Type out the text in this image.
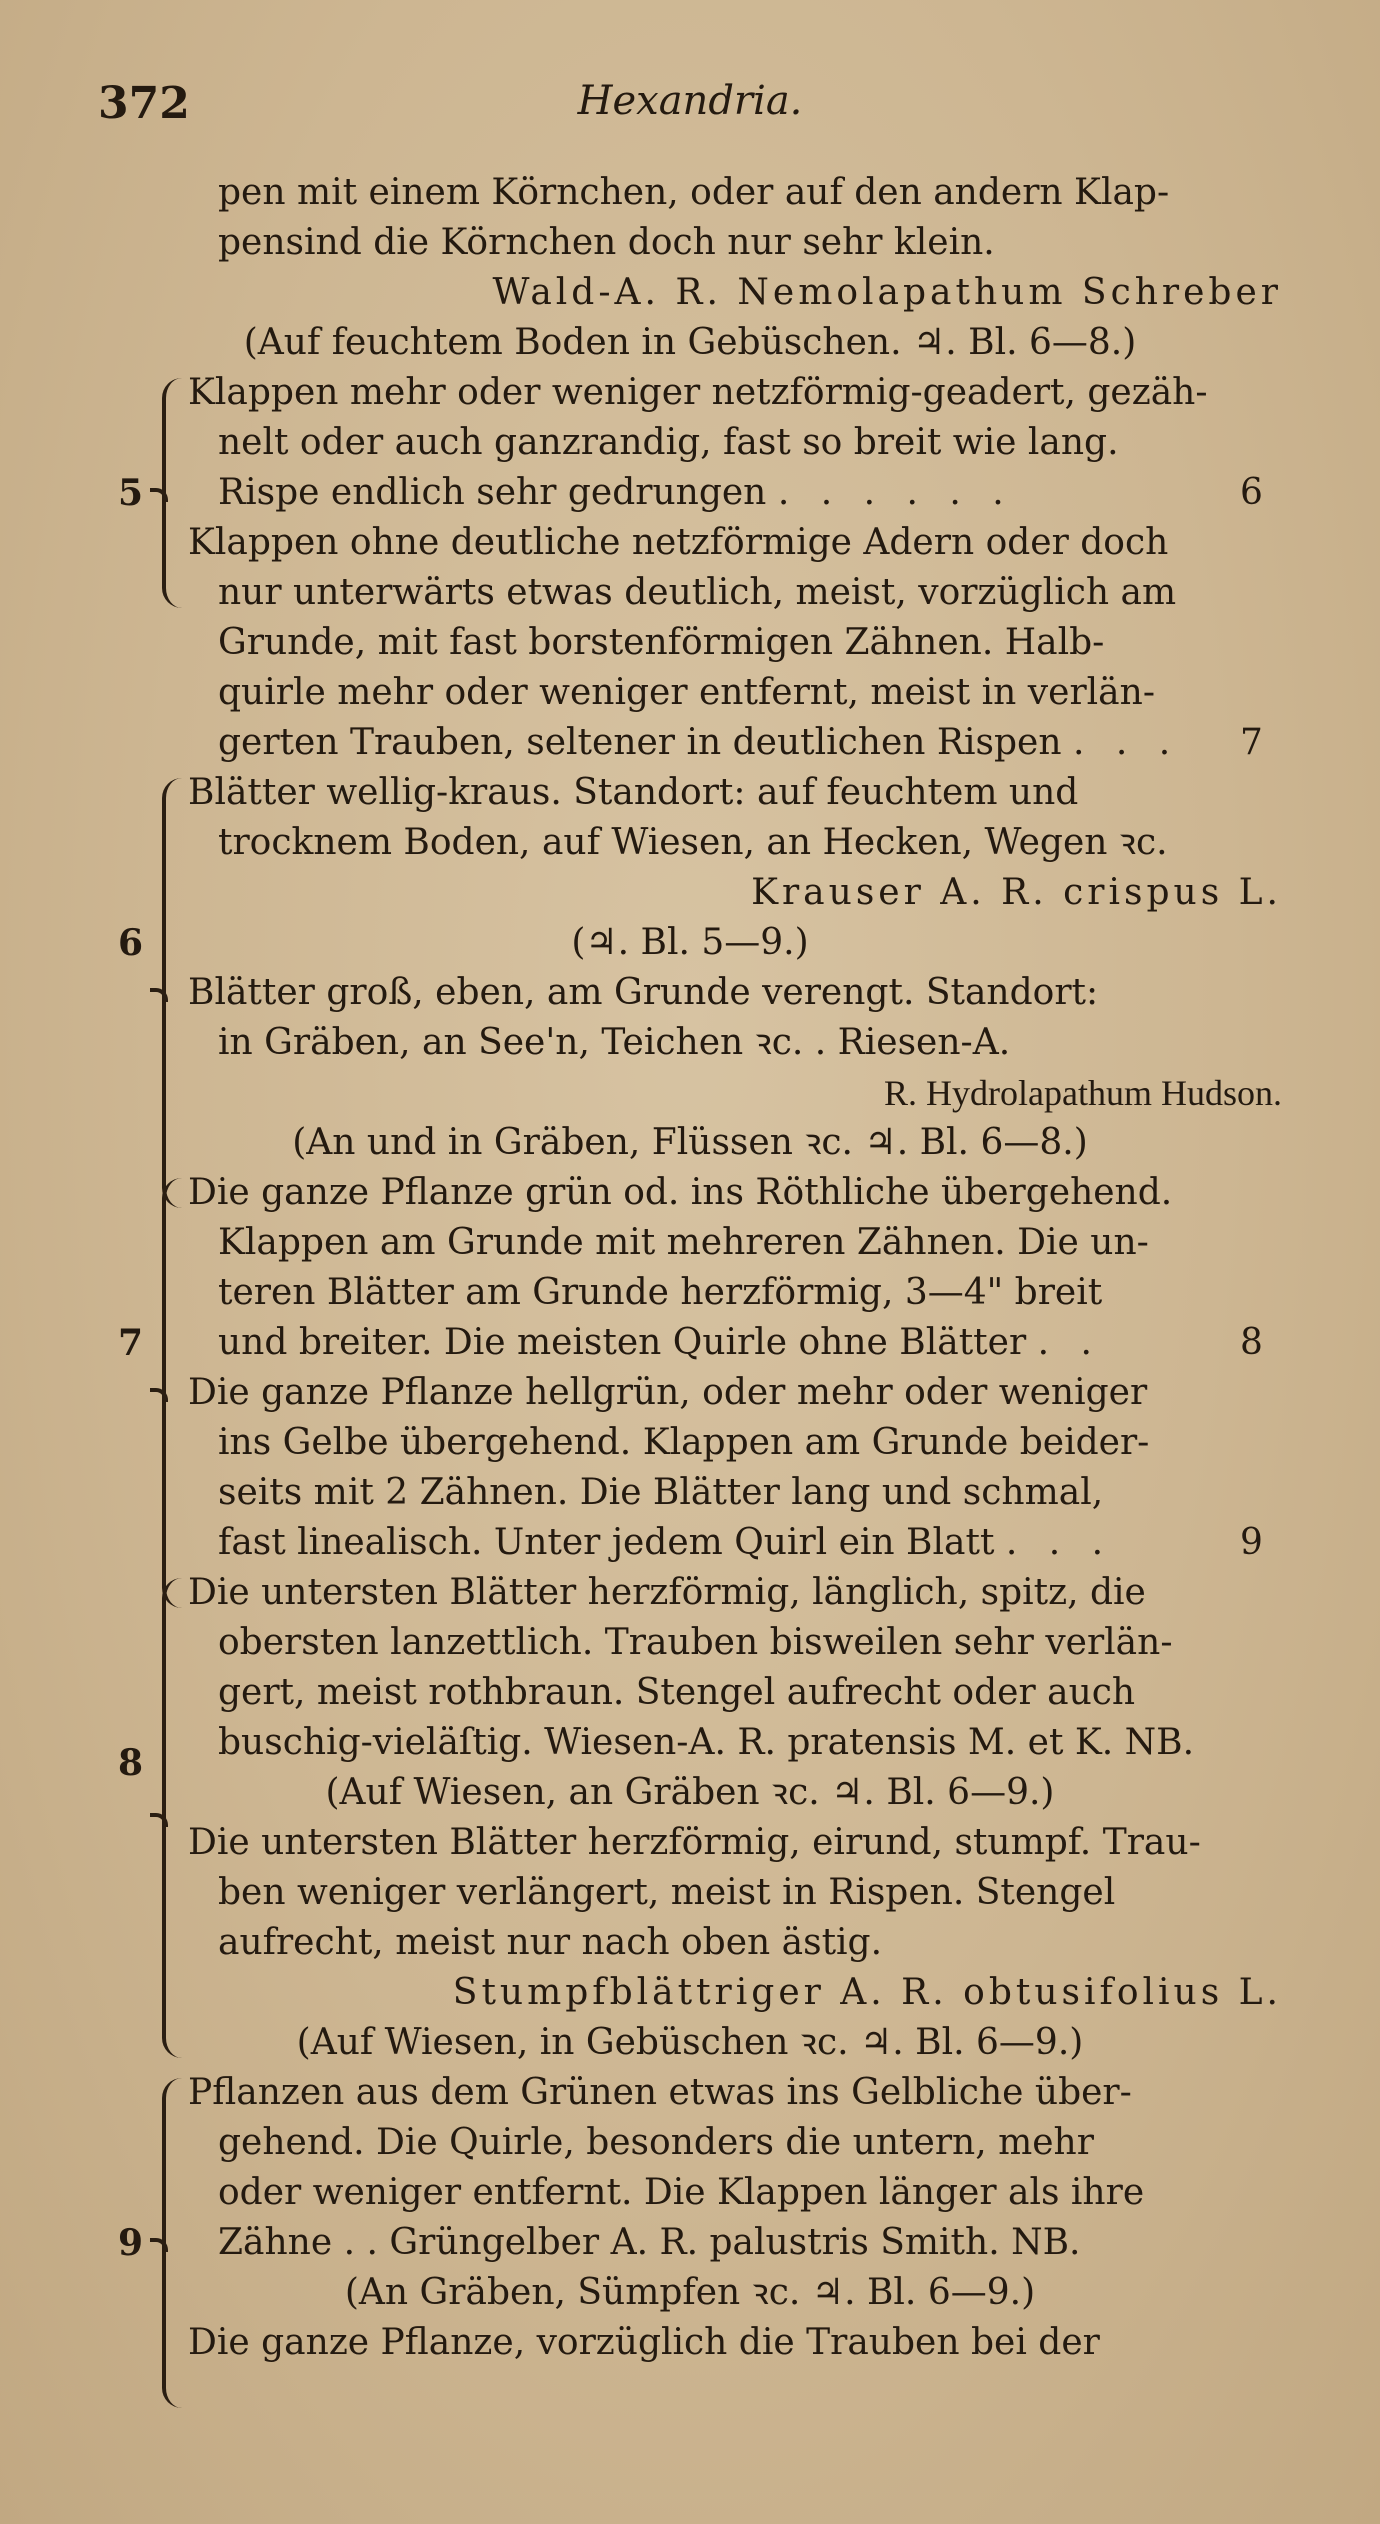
372	Hexandria.
pen mit einem Körnchen, oder auf den andern Klap-
pensind die Körnchen doch nur sehr klein.
Wald-A. R. Nemolapathum Schreber
(Auf feuchtem Boden in Gebüschen. ♃. Bl. 6—8.)
5
Klappen mehr oder weniger netzförmig-geadert, gezäh-
nelt oder auch ganzrandig, fast so breit wie lang.
Rispe endlich sehr gedrungen . . . . . .	6
Klappen ohne deutliche netzförmige Adern oder doch
nur unterwärts etwas deutlich, meist, vorzüglich am
Grunde, mit fast borstenförmigen Zähnen. Halb-
quirle mehr oder weniger entfernt, meist in verlän-
gerten Trauben, seltener in deutlichen Rispen . . .	7
6
Blätter wellig-kraus. Standort: auf feuchtem und
trocknem Boden, auf Wiesen, an Hecken, Wegen ꝛc.
Krauser A. R. crispus L.
(♃. Bl. 5—9.)
Blätter groß, eben, am Grunde verengt. Standort:
in Gräben, an See'n, Teichen ꝛc. . Riesen-A.
R. Hydrolapathum Hudson.
(An und in Gräben, Flüssen ꝛc. ♃. Bl. 6—8.)
7
Die ganze Pflanze grün od. ins Röthliche übergehend.
Klappen am Grunde mit mehreren Zähnen. Die un-
teren Blätter am Grunde herzförmig, 3—4" breit
und breiter. Die meisten Quirle ohne Blätter . .	8
Die ganze Pflanze hellgrün, oder mehr oder weniger
ins Gelbe übergehend. Klappen am Grunde beider-
seits mit 2 Zähnen. Die Blätter lang und schmal,
fast linealisch. Unter jedem Quirl ein Blatt . . .	9
8
Die untersten Blätter herzförmig, länglich, spitz, die
obersten lanzettlich. Trauben bisweilen sehr verlän-
gert, meist rothbraun. Stengel aufrecht oder auch
buschig-vieläſtig. Wiesen-A. R. pratensis M. et K. NB.
(Auf Wiesen, an Gräben ꝛc. ♃. Bl. 6—9.)
Die untersten Blätter herzförmig, eirund, stumpf. Trau-
ben weniger verlängert, meist in Rispen. Stengel
aufrecht, meist nur nach oben ästig.
Stumpfblättriger A. R. obtusifolius L.
(Auf Wiesen, in Gebüschen ꝛc. ♃. Bl. 6—9.)
9
Pflanzen aus dem Grünen etwas ins Gelbliche über-
gehend. Die Quirle, besonders die untern, mehr
oder weniger entfernt. Die Klappen länger als ihre
Zähne . . Grüngelber A. R. palustris Smith. NB.
(An Gräben, Sümpfen ꝛc. ♃. Bl. 6—9.)
Die ganze Pflanze, vorzüglich die Trauben bei der
